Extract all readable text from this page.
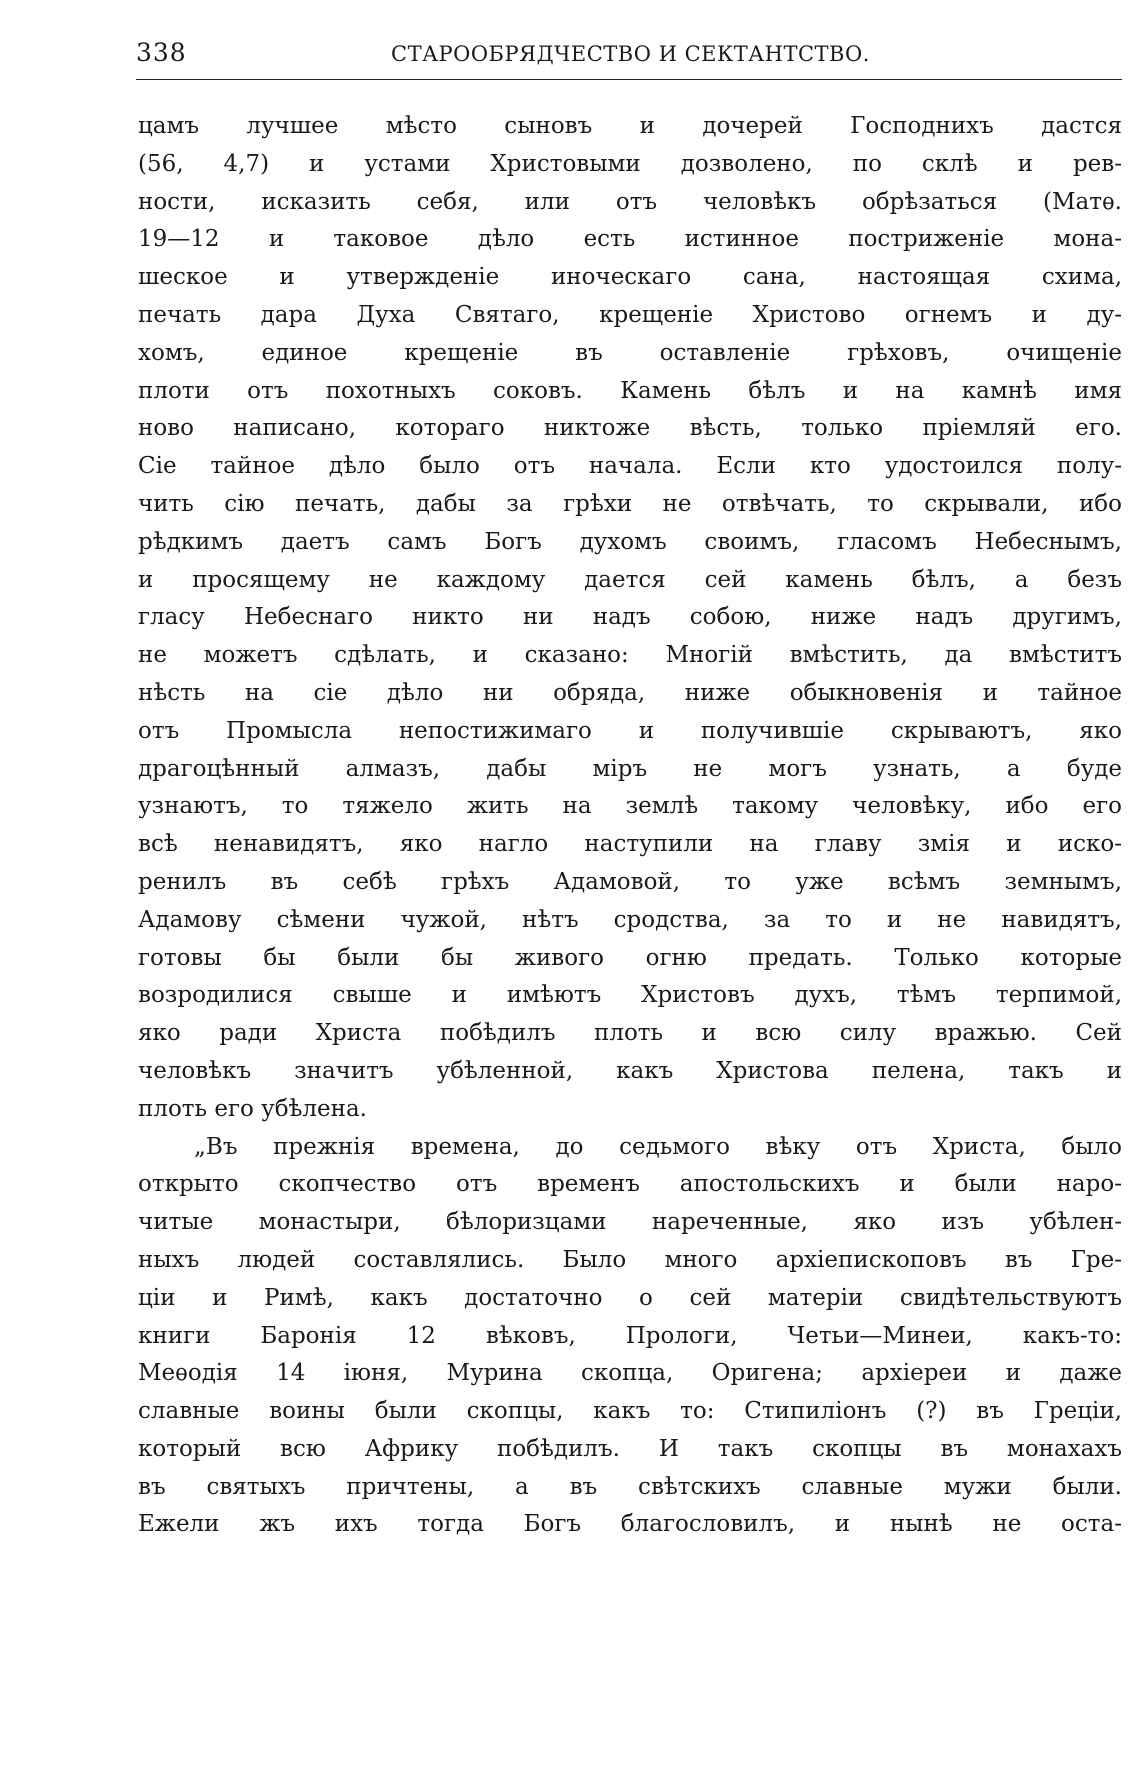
338	СТАРООБРЯДЧЕСТВО И СЕКТАНТСТВО.
цамъ лучшее мѣсто сыновъ и дочерей Господнихъ дастся
(56, 4,7) и устами Христовыми дозволено, по склѣ и рев-
ности, исказить себя, или отъ человѣкъ обрѣзаться (Матѳ.
19—12 и таковое дѣло есть истинное постриженіе мона-
шеское и утвержденіе иноческаго сана, настоящая схима,
печать дара Духа Святаго, крещеніе Христово огнемъ и ду-
хомъ, единое крещеніе въ оставленіе грѣховъ, очищеніе
плоти отъ похотныхъ соковъ. Камень бѣлъ и на камнѣ имя
ново написано, котораго никтоже вѣсть, только пріемляй его.
Сіе тайное дѣло было отъ начала. Если кто удостоился полу-
чить сію печать, дабы за грѣхи не отвѣчать, то скрывали, ибо
рѣдкимъ даетъ самъ Богъ духомъ своимъ, гласомъ Небеснымъ,
и просящему не каждому дается сей камень бѣлъ, а безъ
гласу Небеснаго никто ни надъ собою, ниже надъ другимъ,
не можетъ сдѣлать, и сказано: Многій вмѣстить, да вмѣститъ
нѣсть на сіе дѣло ни обряда, ниже обыкновенія и тайное
отъ Промысла непостижимаго и получившіе скрываютъ, яко
драгоцѣнный алмазъ, дабы міръ не могъ узнать, а буде
узнаютъ, то тяжело жить на землѣ такому человѣку, ибо его
всѣ ненавидятъ, яко нагло наступили на главу змія и иско-
ренилъ въ себѣ грѣхъ Адамовой, то уже всѣмъ земнымъ,
Адамову сѣмени чужой, нѣтъ сродства, за то и не навидятъ,
готовы бы были бы живого огню предать. Только которые
возродилися свыше и имѣютъ Христовъ духъ, тѣмъ терпимой,
яко ради Христа побѣдилъ плоть и всю силу вражью. Сей
человѣкъ значитъ убѣленной, какъ Христова пелена, такъ и
плоть его убѣлена.
„Въ прежнія времена, до седьмого вѣку отъ Христа, было
открыто скопчество отъ временъ апостольскихъ и были наро-
читые монастыри, бѣлоризцами нареченные, яко изъ убѣлен-
ныхъ людей составлялись. Было много архіепископовъ въ Гре-
ціи и Римѣ, какъ достаточно о сей матеріи свидѣтельствуютъ
книги Баронія 12 вѣковъ, Прологи, Четьи—Минеи, какъ-то:
Меѳодія 14 іюня, Мурина скопца, Оригена; архіереи и даже
славные воины были скопцы, какъ то: Стипиліонъ (?) въ Греціи,
который всю Африку побѣдилъ. И такъ скопцы въ монахахъ
въ святыхъ причтены, а въ свѣтскихъ славные мужи были.
Ежели жъ ихъ тогда Богъ благословилъ, и нынѣ не оста-
